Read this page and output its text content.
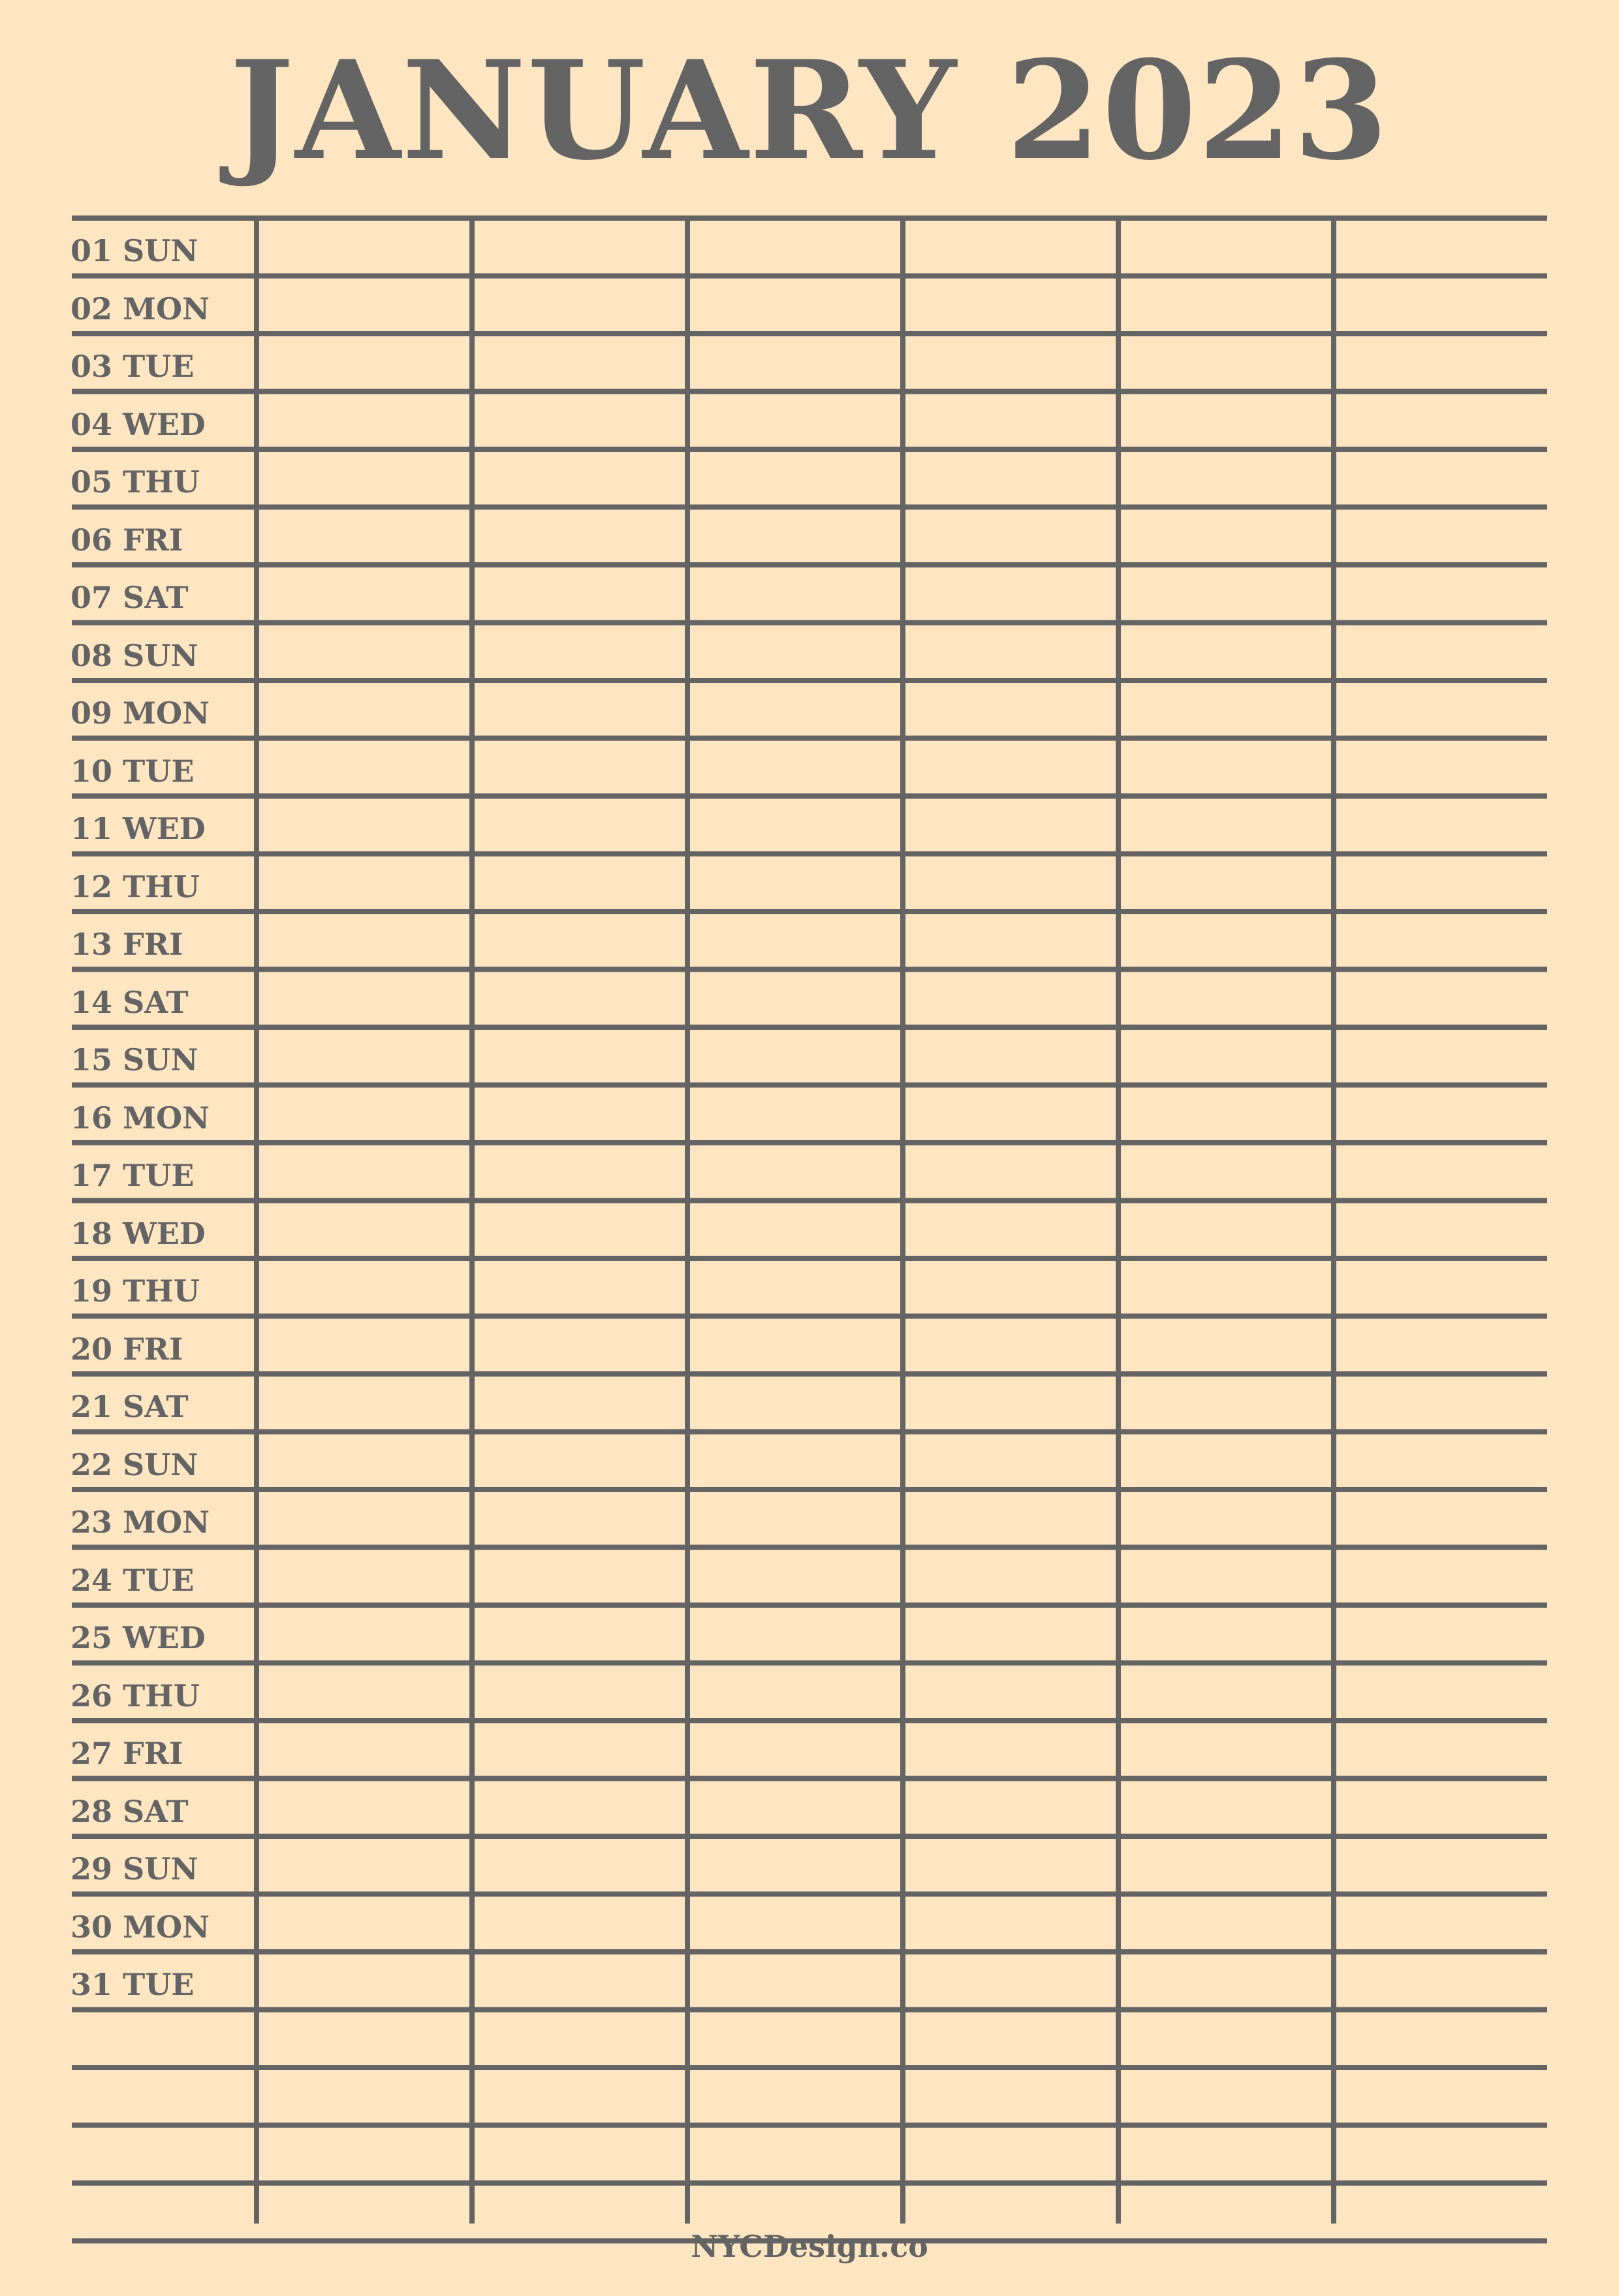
JANUARY 2023
01 SUN
02 MON
03 TUE
04 WED
05 THU
06 FRI
07 SAT
08 SUN
09 MON
10 TUE
11 WED
12 THU
13 FRI
14 SAT
15 SUN
16 MON
17 TUE
18 WED
19 THU
20 FRI
21 SAT
22 SUN
23 MON
24 TUE
25 WED
26 THU
27 FRI
28 SAT
29 SUN
30 MON
31 TUE
NYCDesign.co
